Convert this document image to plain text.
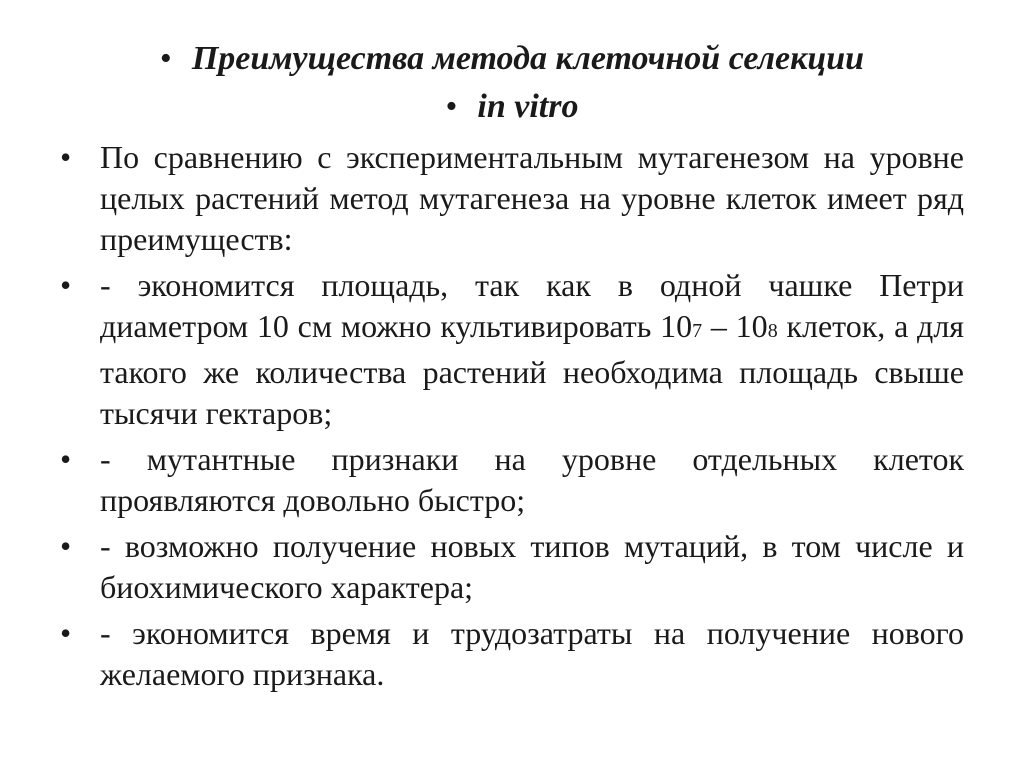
• Преимущества метода клеточной селекции
• in vitro
• По сравнению с экспериментальным мутагенезом на уровне целых растений метод мутагенеза на уровне клеток имеет ряд преимуществ:
• - экономится площадь, так как в одной чашке Петри диаметром 10 см можно культивировать 107 – 108 клеток, а для такого же количества растений необходима площадь свыше тысячи гектаров;
• - мутантные признаки на уровне отдельных клеток проявляются довольно быстро;
• - возможно получение новых типов мутаций, в том числе и биохимического характера;
• - экономится время и трудозатраты на получение нового желаемого признака.
